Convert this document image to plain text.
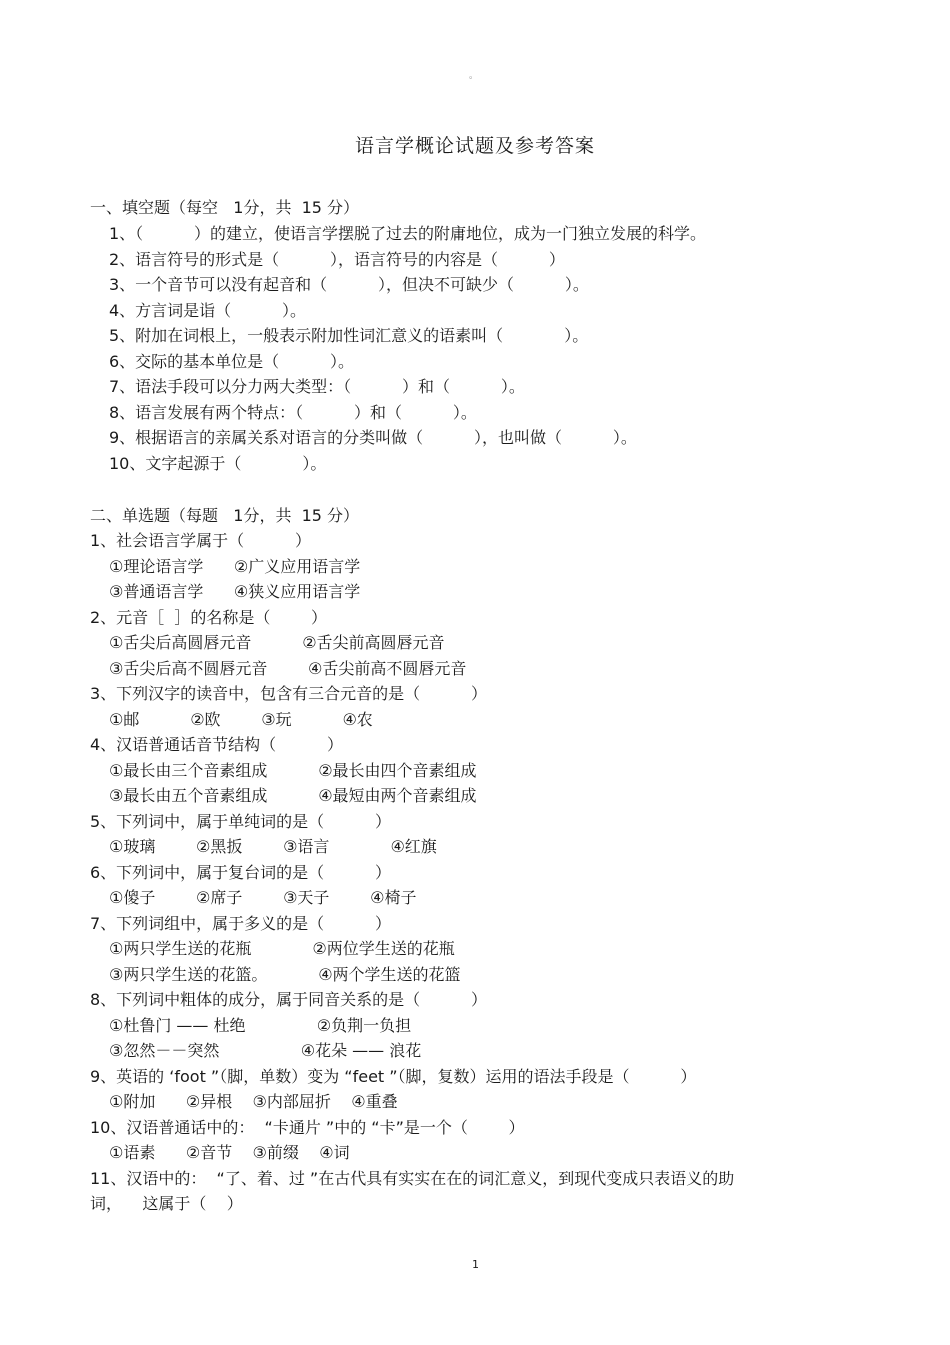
。
语言学概论试题及参考答案
一、填空题（每空   1分，共  15 分）
1、（          ）的建立，使语言学摆脱了过去的附庸地位，成为一门独立发展的科学。
2、语言符号的形式是（          ），语言符号的内容是（          ）
3、一个音节可以没有起音和（          ），但决不可缺少（          ）。
4、方言词是诣（          ）。
5、附加在词根上，一般表示附加性词汇意义的语素叫（            ）。
6、交际的基本单位是（          ）。
7、语法手段可以分力两大类型：（          ）和（          ）。
8、语言发展有两个特点：（          ）和（          ）。
9、根据语言的亲属关系对语言的分类叫做（          ），也叫做（          ）。
10、文字起源于（            ）。
二、单选题（每题   1分，共  15 分）
1、社会语言学属于（          ）
①理论语言学      ②广义应用语言学
③普通语言学      ④狭义应用语言学
2、元音［  ］的名称是（        ）
①舌尖后高圆唇元音          ②舌尖前高圆唇元音
③舌尖后高不圆唇元音        ④舌尖前高不圆唇元音
3、下列汉字的读音中，包含有三合元音的是（          ）
①邮          ②欧        ③玩          ④农
4、汉语普通话音节结构（          ）
①最长由三个音素组成          ②最长由四个音素组成
③最长由五个音素组成          ④最短由两个音素组成
5、下列词中，属于单纯词的是（          ）
①玻璃        ②黑扳        ③语言            ④红旗
6、下列词中，属于复台词的是（          ）
①傻子        ②席子        ③天子        ④椅子
7、下列词组中，属于多义的是（          ）
①两只学生送的花瓶            ②两位学生送的花瓶
③两只学生送的花篮。          ④两个学生送的花篮
8、下列词中粗体的成分，属于同音关系的是（          ）
①杜鲁门 —— 杜绝              ②负荆一负担
③忽然－－突然                ④花朵 —— 浪花
9、英语的 ‘foot ”（脚，单数）变为 “feet ”（脚，复数）运用的语法手段是（          ）
①附加      ②异根    ③内部屈折    ④重叠
10、汉语普通话中的：  “卡通片 ”中的 “卡”是一个（        ）
①语素      ②音节    ③前缀    ④词
11、汉语中的：  “了、着、过 ”在古代具有实实在在的词汇意义，到现代变成只表语义的助
词，    这属于（    ）
1
